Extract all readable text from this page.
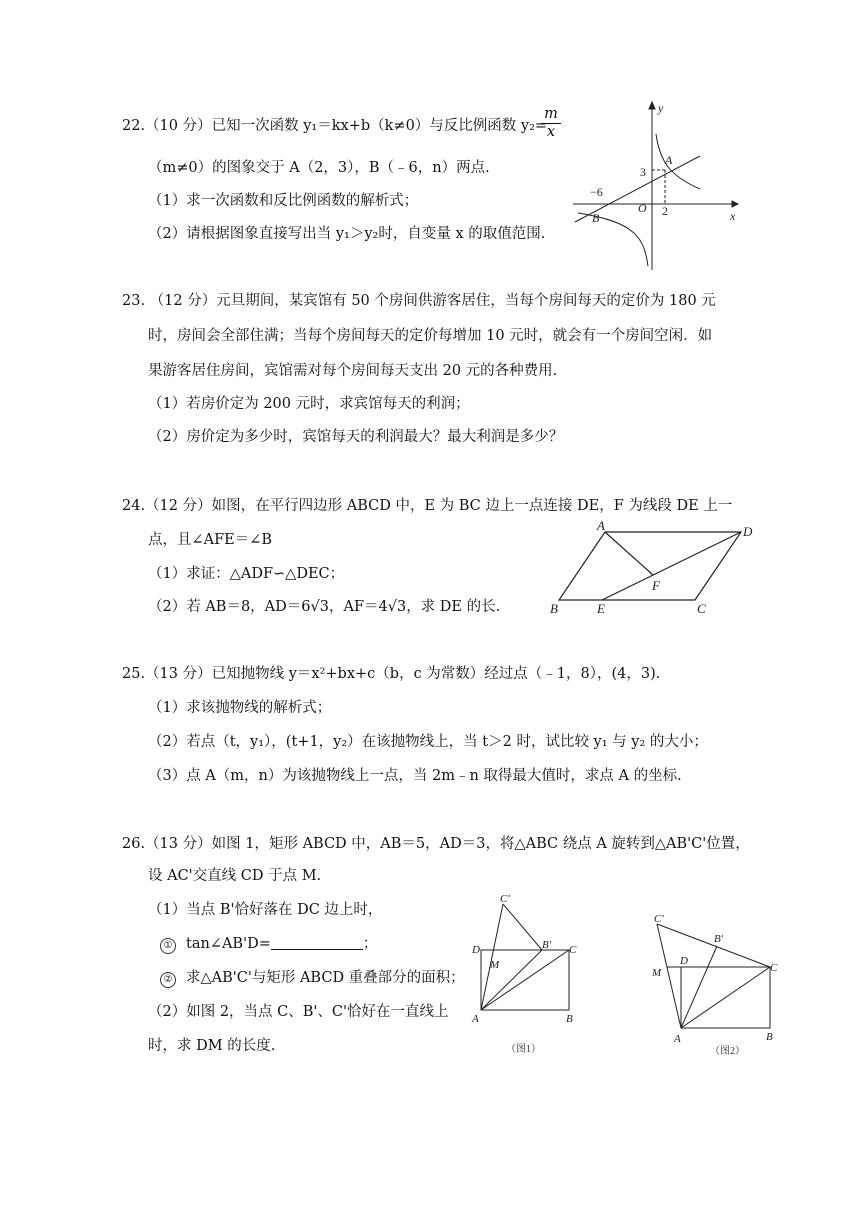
22.（10 分）已知一次函数 y₁＝kx+b（k≠0）与反比例函数 y₂=
$\frac{m}{x}$
（m≠0）的图象交于 A（2，3），B（﹣6，n）两点.
（1）求一次函数和反比例函数的解析式；
（2）请根据图象直接写出当 y₁＞y₂时，自变量 x 的取值范围.
y
x
A
B
O
3
2
−6
23. （12 分）元旦期间，某宾馆有 50 个房间供游客居住，当每个房间每天的定价为 180 元
时，房间会全部住满；当每个房间每天的定价每增加 10 元时，就会有一个房间空闲．如
果游客居住房间，宾馆需对每个房间每天支出 20 元的各种费用.
（1）若房价定为 200 元时，求宾馆每天的利润；
（2）房价定为多少时，宾馆每天的利润最大？最大利润是多少？
24.（12 分）如图，在平行四边形 ABCD 中，E 为 BC 边上一点连接 DE，F 为线段 DE 上一
点，且∠AFE＝∠B
（1）求证：△ADF∽△DEC；
（2）若 AB＝8，AD＝6√3，AF＝4√3，求 DE 的长.
A	D
B	E	C
F
25.（13 分）已知抛物线 y＝x²+bx+c（b，c 为常数）经过点（﹣1，8），(4，3).
（1）求该抛物线的解析式；
（2）若点（t，y₁），(t+1，y₂）在该抛物线上，当 t＞2 时，试比较 y₁ 与 y₂ 的大小；
（3）点 A（m，n）为该抛物线上一点，当 2m﹣n 取得最大值时，求点 A 的坐标.
26.（13 分）如图 1，矩形 ABCD 中，AB＝5，AD＝3，将△ABC 绕点 A 旋转到△AB'C'位置，
设 AC'交直线 CD 于点 M.
（1）当点 B'恰好落在 DC 边上时，
① tan∠AB'D=	；
② 求△AB'C'与矩形 ABCD 重叠部分的面积；
（2）如图 2，当点 C、B'、C'恰好在一直线上
时，求 DM 的长度.
C′
D	B′ C
M
A	B
（图1）
C′
B′
D
C
M
A	B
（图2）
